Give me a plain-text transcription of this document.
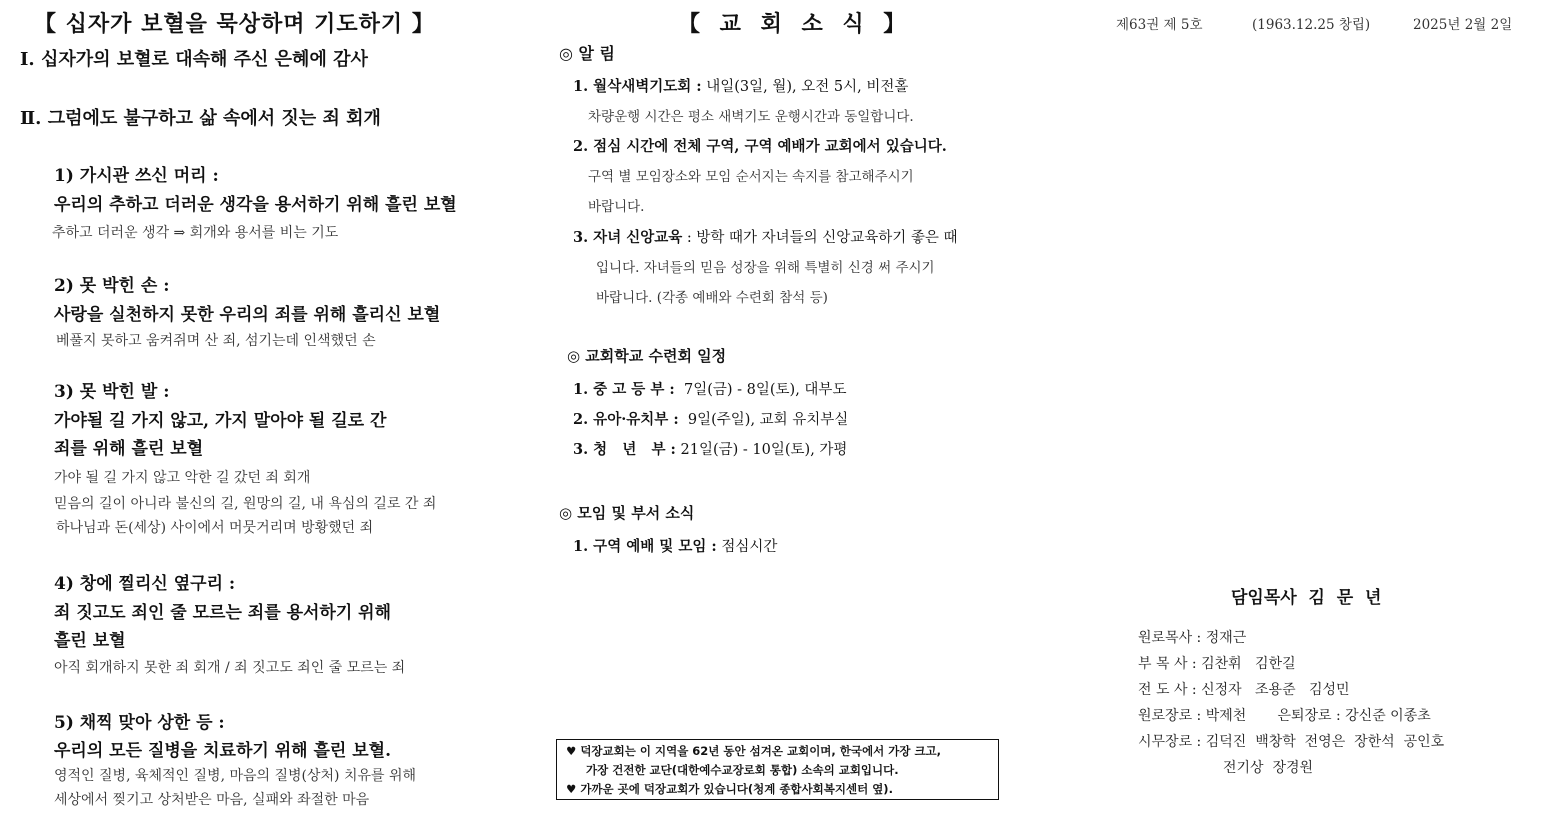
【 십자가 보혈을 묵상하며 기도하기 】
Ⅰ. 십자가의 보혈로 대속해 주신 은혜에 감사
Ⅱ. 그럼에도 불구하고 삶 속에서 짓는 죄 회개
1) 가시관 쓰신 머리 :
우리의 추하고 더러운 생각을 용서하기 위해 흘린 보혈
추하고 더러운 생각 ⇒ 회개와 용서를 비는 기도
2) 못 박힌 손 :
사랑을 실천하지 못한 우리의 죄를 위해 흘리신 보혈
베풀지 못하고 움켜쥐며 산 죄, 섬기는데 인색했던 손
3) 못 박힌 발 :
가야될 길 가지 않고, 가지 말아야 될 길로 간
죄를 위해 흘린 보혈
가야 될 길 가지 않고 악한 길 갔던 죄 회개
믿음의 길이 아니라 불신의 길, 원망의 길, 내 욕심의 길로 간 죄
하나님과 돈(세상) 사이에서 머뭇거리며 방황했던 죄
4) 창에 찔리신 옆구리 :
죄 짓고도 죄인 줄 모르는 죄를 용서하기 위해
흘린 보혈
아직 회개하지 못한 죄 회개 / 죄 짓고도 죄인 줄 모르는 죄
5) 채찍 맞아 상한 등 :
우리의 모든 질병을 치료하기 위해 흘린 보혈.
영적인 질병, 육체적인 질병, 마음의 질병(상처) 치유를 위해
세상에서 찢기고 상처받은 마음, 실패와 좌절한 마음
【 교 회 소 식 】
◎ 알 림
1. 월삭새벽기도회 : 내일(3일, 월), 오전 5시, 비전홀
차량운행 시간은 평소 새벽기도 운행시간과 동일합니다.
2. 점심 시간에 전체 구역, 구역 예배가 교회에서 있습니다.
구역 별 모임장소와 모임 순서지는 속지를 참고해주시기
바랍니다.
3. 자녀 신앙교육 : 방학 때가 자녀들의 신앙교육하기 좋은 때
입니다. 자녀들의 믿음 성장을 위해 특별히 신경 써 주시기
바랍니다. (각종 예배와 수련회 참석 등)
◎ 교회학교 수련회 일정
1. 중 고 등 부 :  7일(금) - 8일(토), 대부도
2. 유아·유치부 :  9일(주일), 교회 유치부실
3. 청   년   부 : 21일(금) - 10일(토), 가평
◎ 모임 및 부서 소식
1. 구역 예배 및 모임 : 점심시간
♥ 덕장교회는 이 지역을 62년 동안 섬겨온 교회이며, 한국에서 가장 크고,
가장 건전한 교단(대한예수교장로회 통합) 소속의 교회입니다.
♥ 가까운 곳에 덕장교회가 있습니다(청계 종합사회복지센터 옆).
제63권 제 5호	(1963.12.25 창립)	2025년 2월 2일
담임목사  김  문  년
원로목사 : 정재근
부 목 사 : 김찬휘   김한길
전 도 사 : 신정자   조용준   김성민
원로장로 : 박제천       은퇴장로 : 강신준 이종초
시무장로 : 김덕진  백창학  전영은  장한석  공인호
전기상  장경원
